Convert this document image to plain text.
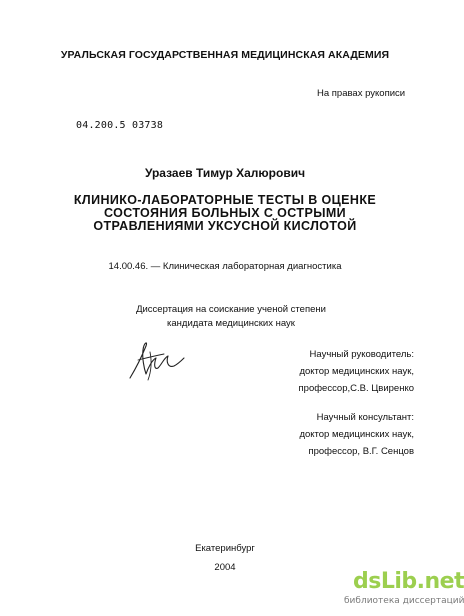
УРАЛЬСКАЯ ГОСУДАРСТВЕННАЯ МЕДИЦИНСКАЯ АКАДЕМИЯ
На правах рукописи
04.200.5 03738
Уразаев Тимур Халюрович
КЛИНИКО-ЛАБОРАТОРНЫЕ ТЕСТЫ В ОЦЕНКЕ
СОСТОЯНИЯ БОЛЬНЫХ С ОСТРЫМИ
ОТРАВЛЕНИЯМИ УКСУСНОЙ КИСЛОТОЙ
14.00.46. — Клиническая лабораторная диагностика
Диссертация на соискание ученой степени
кандидата медицинских наук
Научный руководитель:
доктор медицинских наук,
профессор,С.В. Цвиренко
Научный консультант:
доктор медицинских наук,
профессор, В.Г. Сенцов
Екатеринбург
2004
dsLib.net
библиотека диссертаций
